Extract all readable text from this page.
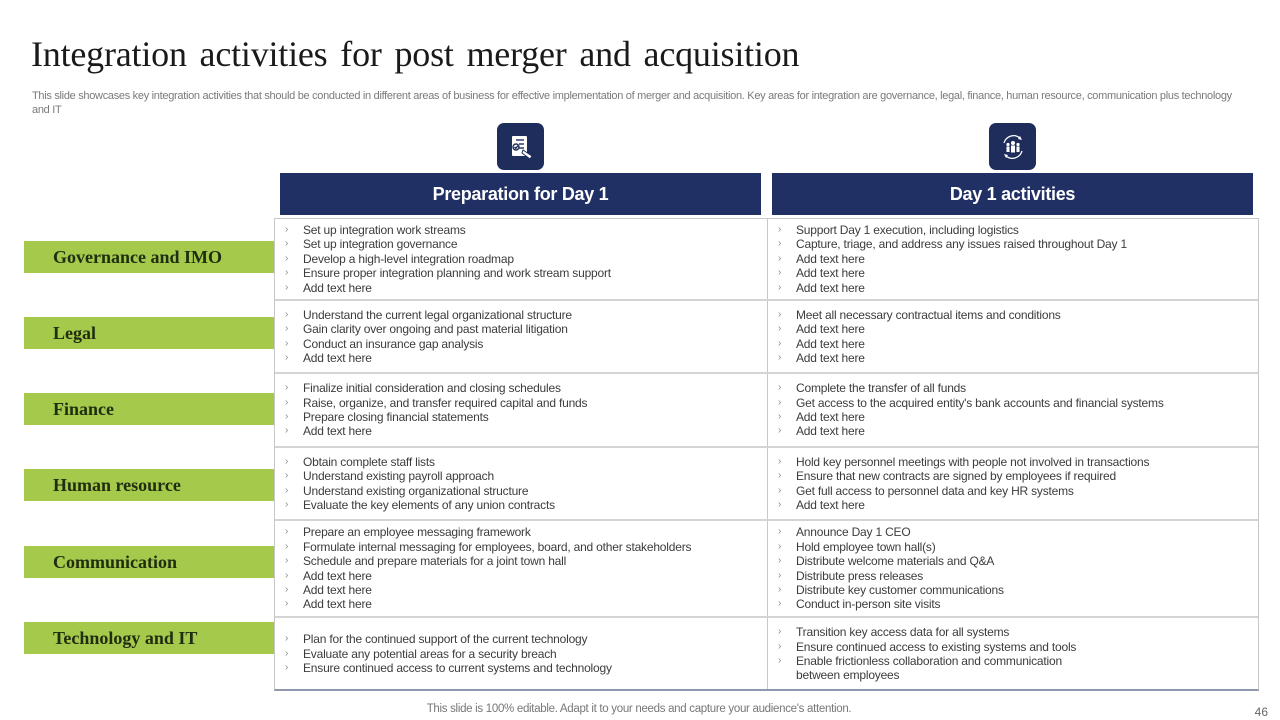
Integration activities for post merger and acquisition
This slide showcases key integration activities that should be conducted in different areas of business for effective implementation of merger and acquisition. Key areas for integration are governance, legal, finance, human resource, communication plus technology and IT
Preparation for Day 1	Day 1 activities
Governance and IMO
Legal
Finance
Human resource
Communication
Technology and IT
› Set up integration work streams
› Set up integration governance
› Develop a high-level integration roadmap
› Ensure proper integration planning and work stream support
› Add text here
› Support Day 1 execution, including logistics
› Capture, triage, and address any issues raised throughout Day 1
› Add text here
› Add text here
› Add text here
› Understand the current legal organizational structure
› Gain clarity over ongoing and past material litigation
› Conduct an insurance gap analysis
› Add text here
› Meet all necessary contractual items and conditions
› Add text here
› Add text here
› Add text here
› Finalize initial consideration and closing schedules
› Raise, organize, and transfer required capital and funds
› Prepare closing financial statements
› Add text here
› Complete the transfer of all funds
› Get access to the acquired entity's bank accounts and financial systems
› Add text here
› Add text here
› Obtain complete staff lists
› Understand existing payroll approach
› Understand existing organizational structure
› Evaluate the key elements of any union contracts
› Hold key personnel meetings with people not involved in transactions
› Ensure that new contracts are signed by employees if required
› Get full access to personnel data and key HR systems
› Add text here
› Prepare an employee messaging framework
› Formulate internal messaging for employees, board, and other stakeholders
› Schedule and prepare materials for a joint town hall
› Add text here
› Add text here
› Add text here
› Announce Day 1 CEO
› Hold employee town hall(s)
› Distribute welcome materials and Q&A
› Distribute press releases
› Distribute key customer communications
› Conduct in-person site visits
› Plan for the continued support of the current technology
› Evaluate any potential areas for a security breach
› Ensure continued access to current systems and technology
› Transition key access data for all systems
› Ensure continued access to existing systems and tools
› Enable frictionless collaboration and communication
between employees
This slide is 100% editable. Adapt it to your needs and capture your audience's attention.	46
